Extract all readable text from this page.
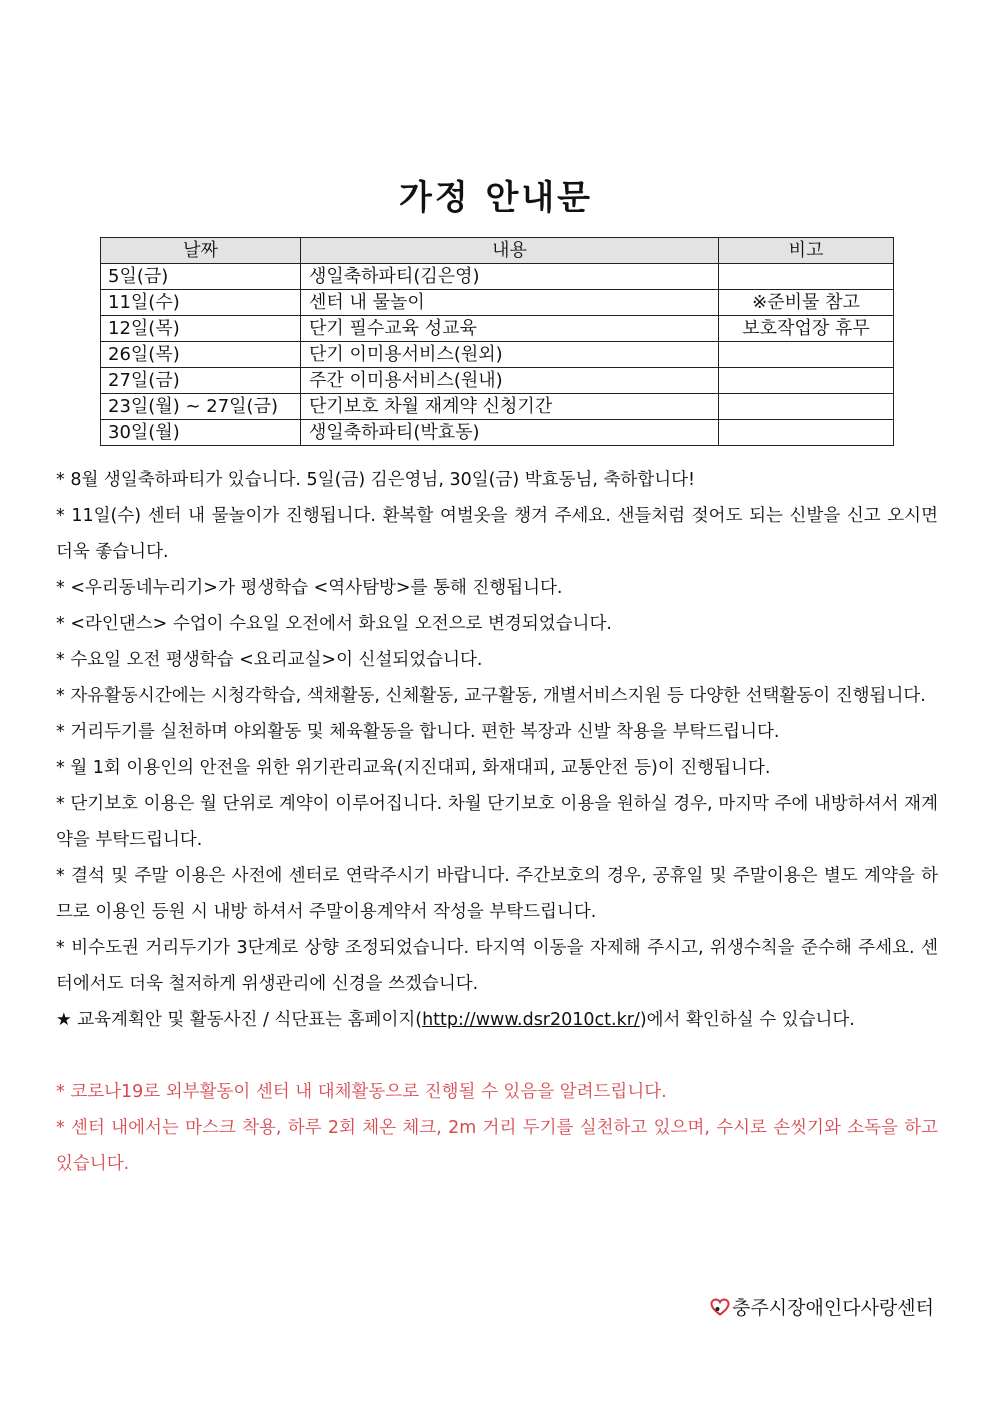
가정 안내문
날짜	내용	비고
5일(금)	생일축하파티(김은영)	
11일(수)	센터 내 물놀이	※준비물 참고
12일(목)	단기 필수교육 성교육	보호작업장 휴무
26일(목)	단기 이미용서비스(원외)	
27일(금)	주간 이미용서비스(원내)	
23일(월) ~ 27일(금)	단기보호 차월 재계약 신청기간	
30일(월)	생일축하파티(박효동)	

* 8월 생일축하파티가 있습니다. 5일(금) 김은영님, 30일(금) 박효동님, 축하합니다!

* 11일(수) 센터 내 물놀이가 진행됩니다. 환복할 여벌옷을 챙겨 주세요. 샌들처럼 젖어도 되는 신발을 신고 오시면 더욱 좋습니다.

* <우리동네누리기>가 평생학습 <역사탐방>를 통해 진행됩니다.

* <라인댄스> 수업이 수요일 오전에서 화요일 오전으로 변경되었습니다.

* 수요일 오전 평생학습 <요리교실>이 신설되었습니다.

* 자유활동시간에는 시청각학습, 색채활동, 신체활동, 교구활동, 개별서비스지원 등 다양한 선택활동이 진행됩니다.

* 거리두기를 실천하며 야외활동 및 체육활동을 합니다. 편한 복장과 신발 착용을 부탁드립니다.

* 월 1회 이용인의 안전을 위한 위기관리교육(지진대피, 화재대피, 교통안전 등)이 진행됩니다.

* 단기보호 이용은 월 단위로 계약이 이루어집니다. 차월 단기보호 이용을 원하실 경우, 마지막 주에 내방하셔서 재계약을 부탁드립니다.

* 결석 및 주말 이용은 사전에 센터로 연락주시기 바랍니다. 주간보호의 경우, 공휴일 및 주말이용은 별도 계약을 하므로 이용인 등원 시 내방 하셔서 주말이용계약서 작성을 부탁드립니다.

* 비수도권 거리두기가 3단계로 상향 조정되었습니다. 타지역 이동을 자제해 주시고, 위생수칙을 준수해 주세요. 센터에서도 더욱 철저하게 위생관리에 신경을 쓰겠습니다.

★ 교육계획안 및 활동사진 / 식단표는 홈페이지(http://www.dsr2010ct.kr/)에서 확인하실 수 있습니다.

* 코로나19로 외부활동이 센터 내 대체활동으로 진행될 수 있음을 알려드립니다.

* 센터 내에서는 마스크 착용, 하루 2회 체온 체크, 2m 거리 두기를 실천하고 있으며, 수시로 손씻기와 소독을 하고 있습니다.

충주시장애인다사랑센터
